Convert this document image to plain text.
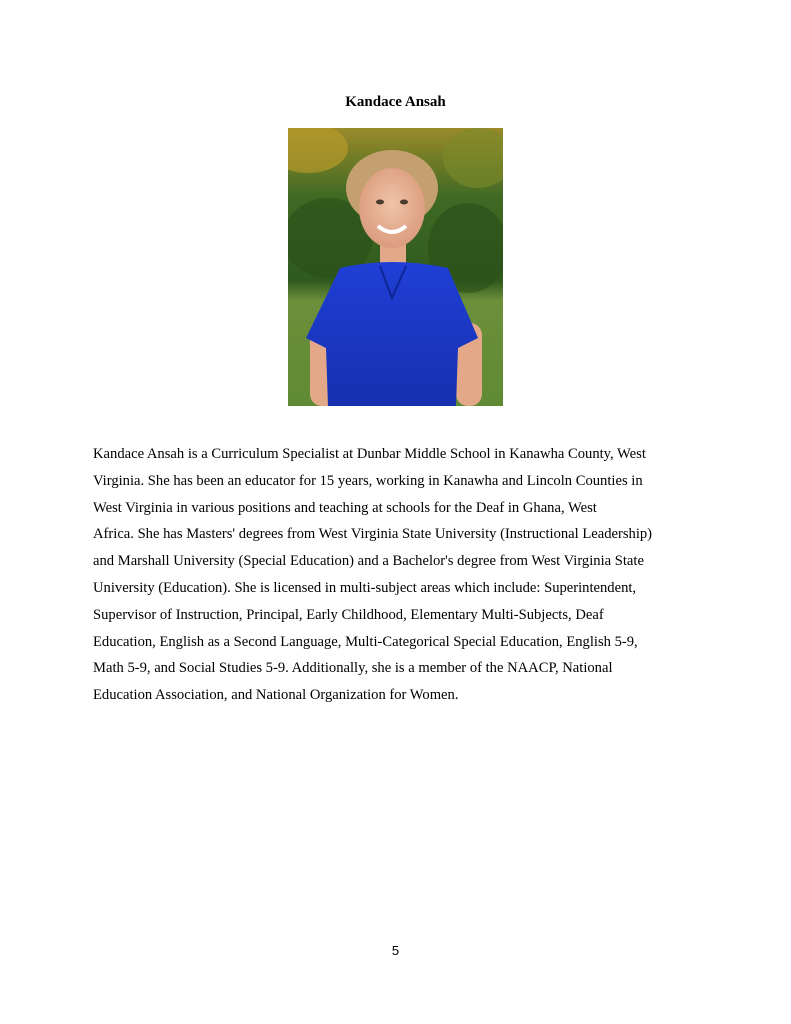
Kandace Ansah
Kandace Ansah is a Curriculum Specialist at Dunbar Middle School in Kanawha County, West
Virginia. She has been an educator for 15 years, working in Kanawha and Lincoln Counties in
West Virginia in various positions and teaching at schools for the Deaf in Ghana, West
Africa. She has Masters' degrees from West Virginia State University (Instructional Leadership)
and Marshall University (Special Education) and a Bachelor's degree from West Virginia State
University (Education). She is licensed in multi-subject areas which include: Superintendent,
Supervisor of Instruction, Principal, Early Childhood, Elementary Multi-Subjects, Deaf
Education, English as a Second Language, Multi-Categorical Special Education, English 5-9,
Math 5-9, and Social Studies 5-9. Additionally, she is a member of the NAACP, National
Education Association, and National Organization for Women.
5
